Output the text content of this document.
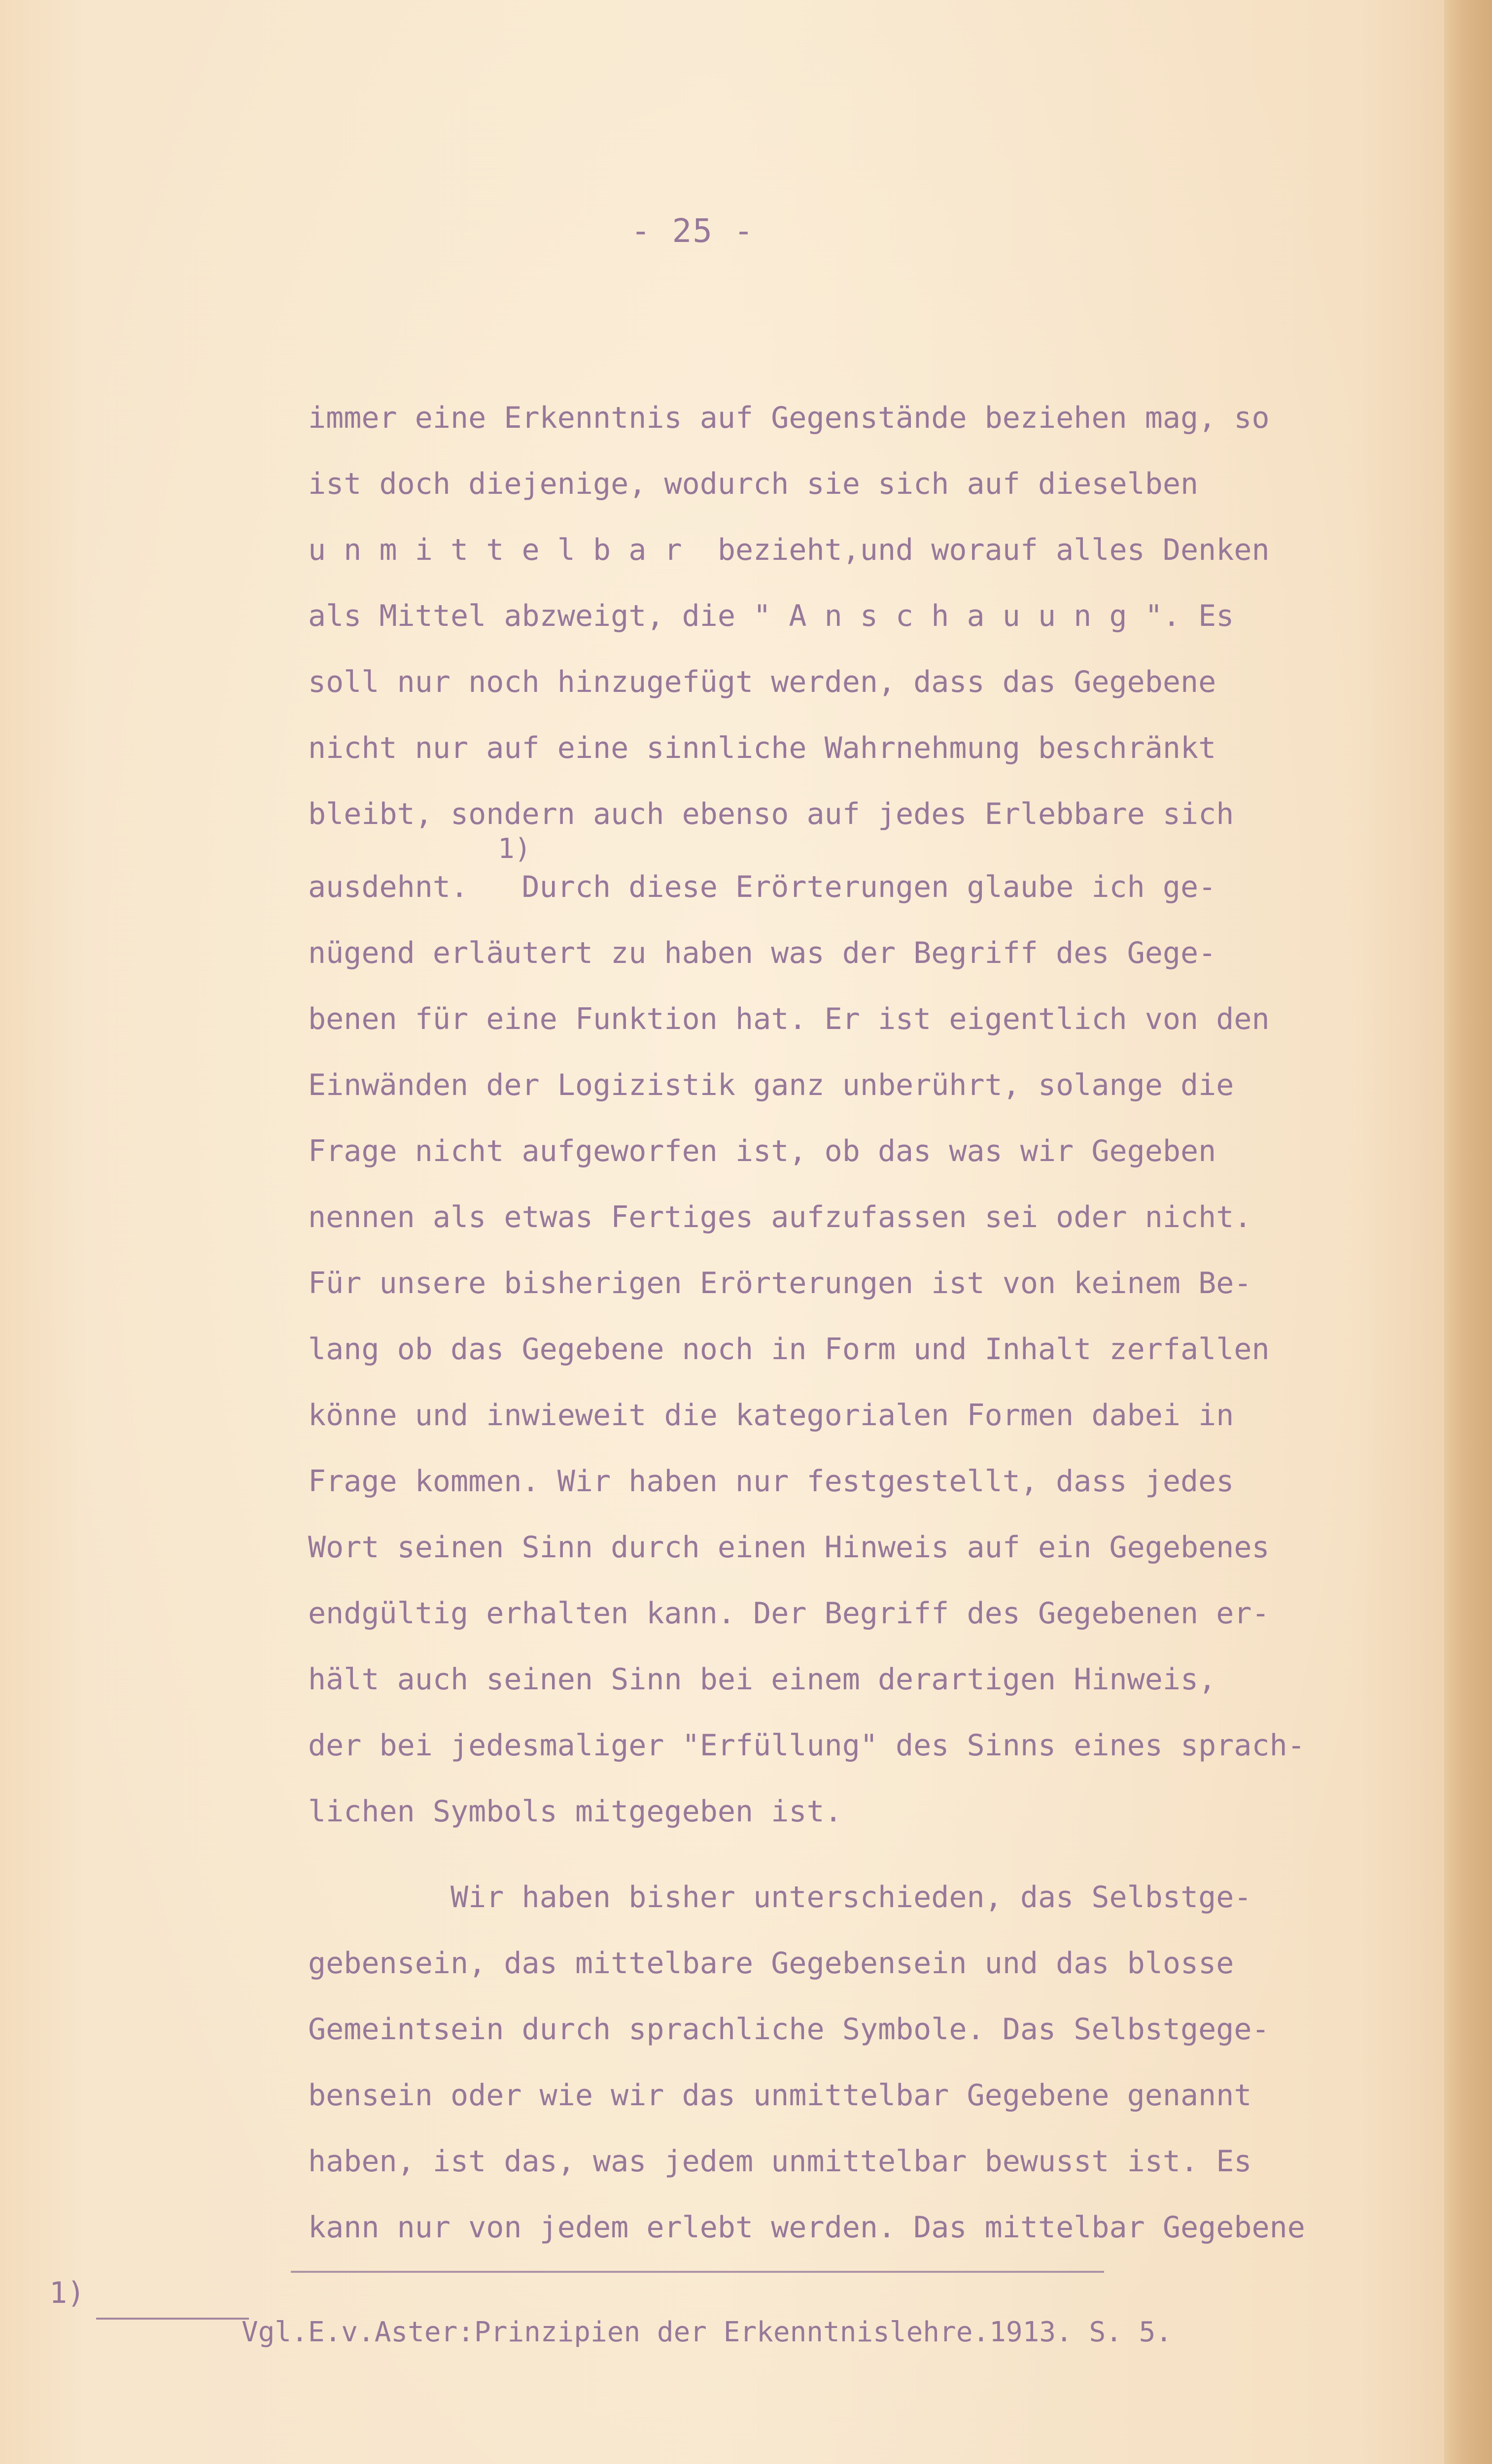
- 25 -
immer eine Erkenntnis auf Gegenstände beziehen mag, so
ist doch diejenige, wodurch sie sich auf dieselben
u n m i t t e l b a r  bezieht,und worauf alles Denken
als Mittel abzweigt, die " A n s c h a u u n g ". Es
soll nur noch hinzugefügt werden, dass das Gegebene
nicht nur auf eine sinnliche Wahrnehmung beschränkt
bleibt, sondern auch ebenso auf jedes Erlebbare sich
ausdehnt.   Durch diese Erörterungen glaube ich ge-
nügend erläutert zu haben was der Begriff des Gege-
benen für eine Funktion hat. Er ist eigentlich von den
Einwänden der Logizistik ganz unberührt, solange die
Frage nicht aufgeworfen ist, ob das was wir Gegeben
nennen als etwas Fertiges aufzufassen sei oder nicht.
Für unsere bisherigen Erörterungen ist von keinem Be-
lang ob das Gegebene noch in Form und Inhalt zerfallen
könne und inwieweit die kategorialen Formen dabei in
Frage kommen. Wir haben nur festgestellt, dass jedes
Wort seinen Sinn durch einen Hinweis auf ein Gegebenes
endgültig erhalten kann. Der Begriff des Gegebenen er-
hält auch seinen Sinn bei einem derartigen Hinweis,
der bei jedesmaliger "Erfüllung" des Sinns eines sprach-
lichen Symbols mitgegeben ist.
Wir haben bisher unterschieden, das Selbstge-
gebensein, das mittelbare Gegebensein und das blosse
Gemeintsein durch sprachliche Symbole. Das Selbstgege-
bensein oder wie wir das unmittelbar Gegebene genannt
haben, ist das, was jedem unmittelbar bewusst ist. Es
kann nur von jedem erlebt werden. Das mittelbar Gegebene
1)
1)
Vgl.E.v.Aster:Prinzipien der Erkenntnislehre.1913. S. 5.
